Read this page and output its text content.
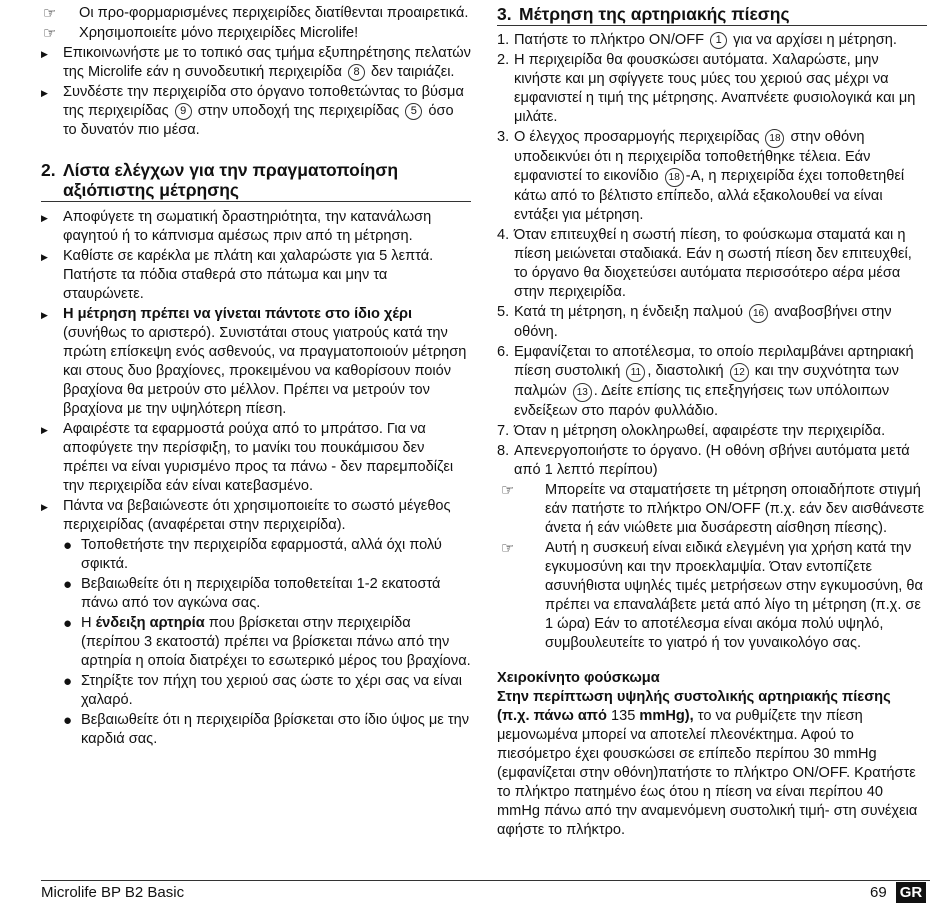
☞	Οι προ-φορμαρισμένες περιχειρίδες διατίθενται προαιρετικά.
☞	Χρησιμοποιείτε μόνο περιχειρίδες Microlife!
▶	Επικοινωνήστε με το τοπικό σας τμήμα εξυπηρέτησης πελατών της Microlife εάν η συνοδευτική περιχειρίδα 8 δεν ταιριάζει.
▶	Συνδέστε την περιχειρίδα στο όργανο τοποθετώντας το βύσμα της περιχειρίδας 9 στην υποδοχή της περιχειρίδας 5 όσο το δυνατόν πιο μέσα.
2. Λίστα ελέγχων για την πραγματοποίηση
αξιόπιστης μέτρησης
▶	Αποφύγετε τη σωματική δραστηριότητα, την κατανάλωση φαγητού ή το κάπνισμα αμέσως πριν από τη μέτρηση.
▶	Καθίστε σε καρέκλα με πλάτη και χαλαρώστε για 5 λεπτά. Πατήστε τα πόδια σταθερά στο πάτωμα και μην τα σταυρώνετε.
▶	Η μέτρηση πρέπει να γίνεται πάντοτε στο ίδιο χέρι (συνήθως το αριστερό). Συνιστάται στους γιατρούς κατά την πρώτη επίσκεψη ενός ασθενούς, να πραγματοποιούν μέτρηση και στους δυο βραχίονες, προκειμένου να καθορίσουν ποιόν βραχίονα θα μετρούν στο μέλλον. Πρέπει να μετρούν τον βραχίονα με την υψηλότερη πίεση.
▶	Αφαιρέστε τα εφαρμοστά ρούχα από το μπράτσο. Για να αποφύγετε την περίσφιξη, το μανίκι του πουκάμισου δεν πρέπει να είναι γυρισμένο προς τα πάνω - δεν παρεμποδίζει την περιχειρίδα εάν είναι κατεβασμένο.
▶	Πάντα να βεβαιώνεστε ότι χρησιμοποιείτε το σωστό μέγεθος περιχειρίδας (αναφέρεται στην περιχειρίδα).
● Τοποθετήστε την περιχειρίδα εφαρμοστά, αλλά όχι πολύ σφικτά.
● Βεβαιωθείτε ότι η περιχειρίδα τοποθετείται 1-2 εκατοστά πάνω από τον αγκώνα σας.
● Η ένδειξη αρτηρία που βρίσκεται στην περιχειρίδα (περίπου 3 εκατοστά) πρέπει να βρίσκεται πάνω από την αρτηρία η οποία διατρέχει το εσωτερικό μέρος του βραχίονα.
● Στηρίξτε τον πήχη του χεριού σας ώστε το χέρι σας να είναι χαλαρό.
● Βεβαιωθείτε ότι η περιχειρίδα βρίσκεται στο ίδιο ύψος με την καρδιά σας.
3. Μέτρηση της αρτηριακής πίεσης
1. Πατήστε το πλήκτρο ON/OFF 1 για να αρχίσει η μέτρηση.
2. Η περιχειρίδα θα φουσκώσει αυτόματα. Χαλαρώστε, μην κινήστε και μη σφίγγετε τους μύες του χεριού σας μέχρι να εμφανιστεί η τιμή της μέτρησης. Αναπνέετε φυσιολογικά και μη μιλάτε.
3. Ο έλεγχος προσαρμογής περιχειρίδας 18 στην οθόνη υποδεικνύει ότι η περιχειρίδα τοποθετήθηκε τέλεια. Εάν εμφανιστεί το εικονίδιο 18 -A, η περιχειρίδα έχει τοποθετηθεί κάτω από το βέλτιστο επίπεδο, αλλά εξακολουθεί να είναι εντάξει για μέτρηση.
4. Όταν επιτευχθεί η σωστή πίεση, το φούσκωμα σταματά και η πίεση μειώνεται σταδιακά. Εάν η σωστή πίεση δεν επιτευχθεί, το όργανο θα διοχετεύσει αυτόματα περισσότερο αέρα μέσα στην περιχειρίδα.
5. Κατά τη μέτρηση, η ένδειξη παλμού 16 αναβοσβήνει στην οθόνη.
6. Εμφανίζεται το αποτέλεσμα, το οποίο περιλαμβάνει αρτηριακή πίεση συστολική 11 , διαστολική 12 και την συχνότητα των παλμών 13 . Δείτε επίσης τις επεξηγήσεις των υπόλοιπων ενδείξεων στο παρόν φυλλάδιο.
7. Όταν η μέτρηση ολοκληρωθεί, αφαιρέστε την περιχειρίδα.
8. Απενεργοποιήστε το όργανο. (Η οθόνη σβήνει αυτόματα μετά από 1 λεπτό περίπου)
☞	Μπορείτε να σταματήσετε τη μέτρηση οποιαδήποτε στιγμή εάν πατήστε το πλήκτρο ON/OFF (π.χ. εάν δεν αισθάνεστε άνετα ή εάν νιώθετε μια δυσάρεστη αίσθηση πίεσης).
☞	Αυτή η συσκευή είναι ειδικά ελεγμένη για χρήση κατά την εγκυμοσύνη και την προεκλαμψία. Όταν εντοπίζετε ασυνήθιστα υψηλές τιμές μετρήσεων στην εγκυμοσύνη, θα πρέπει να επαναλάβετε μετά από λίγο τη μέτρηση (π.χ. σε 1 ώρα) Εάν το αποτέλεσμα είναι ακόμα πολύ υψηλό, συμβουλευτείτε το γιατρό ή τον γυναικολόγο σας.
Χειροκίνητο φούσκωμα
Στην περίπτωση υψηλής συστολικής αρτηριακής πίεσης (π.χ. πάνω από 135 mmHg), το να ρυθμίζετε την πίεση μεμονωμένα μπορεί να αποτελεί πλεονέκτημα. Αφού το πιεσόμετρο έχει φουσκώσει σε επίπεδο περίπου 30 mmHg (εμφανίζεται στην οθόνη)πατήστε το πλήκτρο ON/OFF. Κρατήστε το πλήκτρο πατημένο έως ότου η πίεση να είναι περίπου 40 mmHg πάνω από την αναμενόμενη συστολική τιμή- στη συνέχεια αφήστε το πλήκτρο.
Microlife BP B2 Basic	69 GR
